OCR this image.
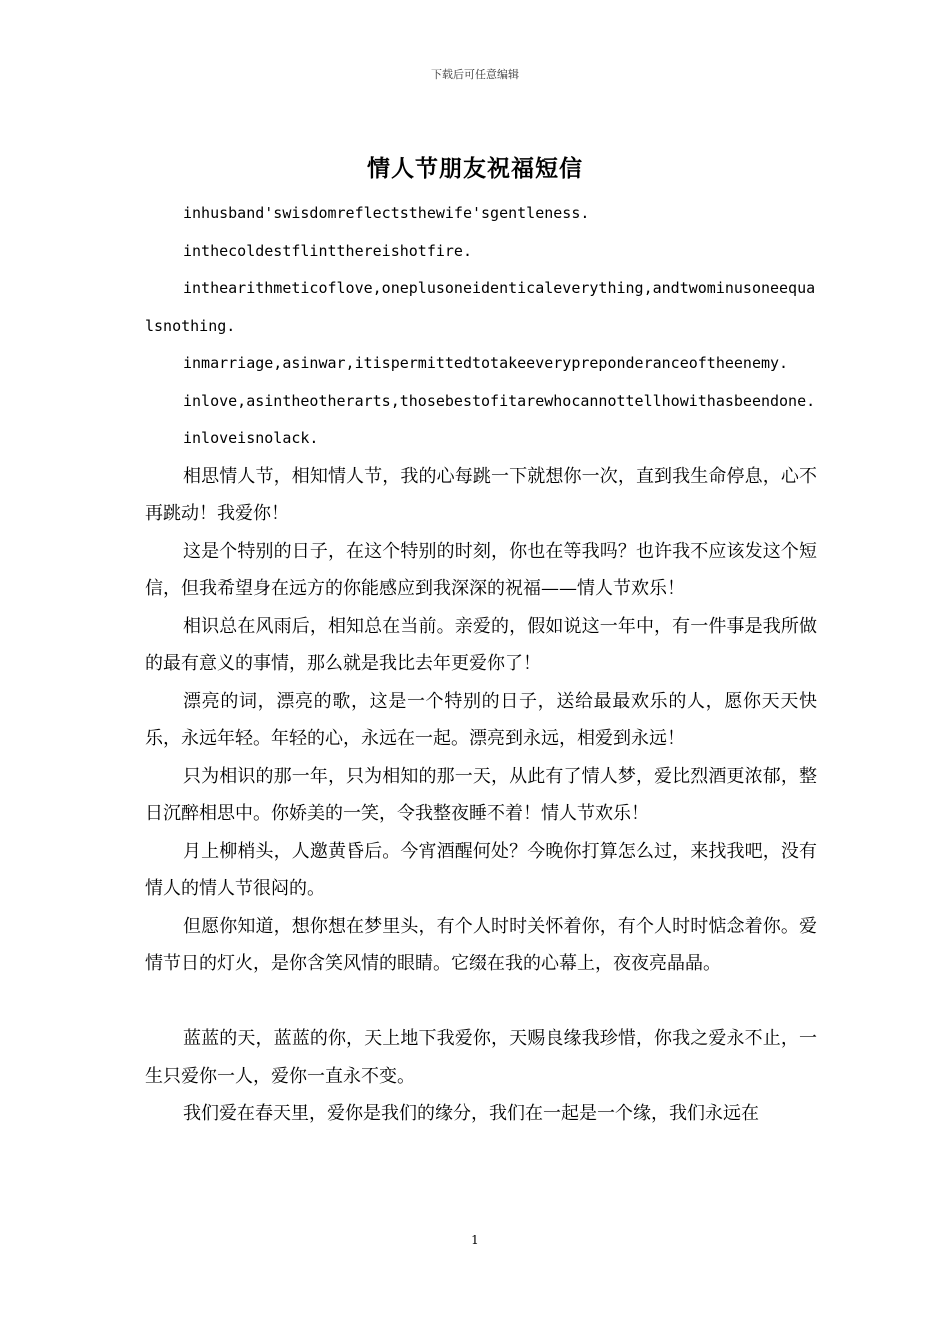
下载后可任意编辑
情人节朋友祝福短信

inhusband'swisdomreflectsthewife'sgentleness.

inthecoldestflintthereishotfire.

inthearithmeticoflove,oneplusoneidenticaleverything,andtwominusoneequalsnothing.

inmarriage,asinwar,itispermittedtotakeeverypreponderanceoftheenemy.

inlove,asintheotherarts,thosebestofitarewhocannottellhowithasbeendone.

inloveisnolack.

相思情人节，相知情人节，我的心每跳一下就想你一次，直到我生命停息，心不再跳动！我爱你！

这是个特别的日子，在这个特别的时刻，你也在等我吗？也许我不应该发这个短信，但我希望身在远方的你能感应到我深深的祝福——情人节欢乐！

相识总在风雨后，相知总在当前。亲爱的，假如说这一年中，有一件事是我所做的最有意义的事情，那么就是我比去年更爱你了！

漂亮的词，漂亮的歌，这是一个特别的日子，送给最最欢乐的人，愿你天天快乐，永远年轻。年轻的心，永远在一起。漂亮到永远，相爱到永远！

只为相识的那一年，只为相知的那一天，从此有了情人梦，爱比烈酒更浓郁，整日沉醉相思中。你娇美的一笑，令我整夜睡不着！情人节欢乐！

月上柳梢头，人邀黄昏后。今宵酒醒何处？今晚你打算怎么过，来找我吧，没有情人的情人节很闷的。

但愿你知道，想你想在梦里头，有个人时时关怀着你，有个人时时惦念着你。爱情节日的灯火，是你含笑风情的眼睛。它缀在我的心幕上，夜夜亮晶晶。

蓝蓝的天，蓝蓝的你，天上地下我爱你，天赐良缘我珍惜，你我之爱永不止，一生只爱你一人，爱你一直永不变。

我们爱在春天里，爱你是我们的缘分，我们在一起是一个缘，我们永远在

1
